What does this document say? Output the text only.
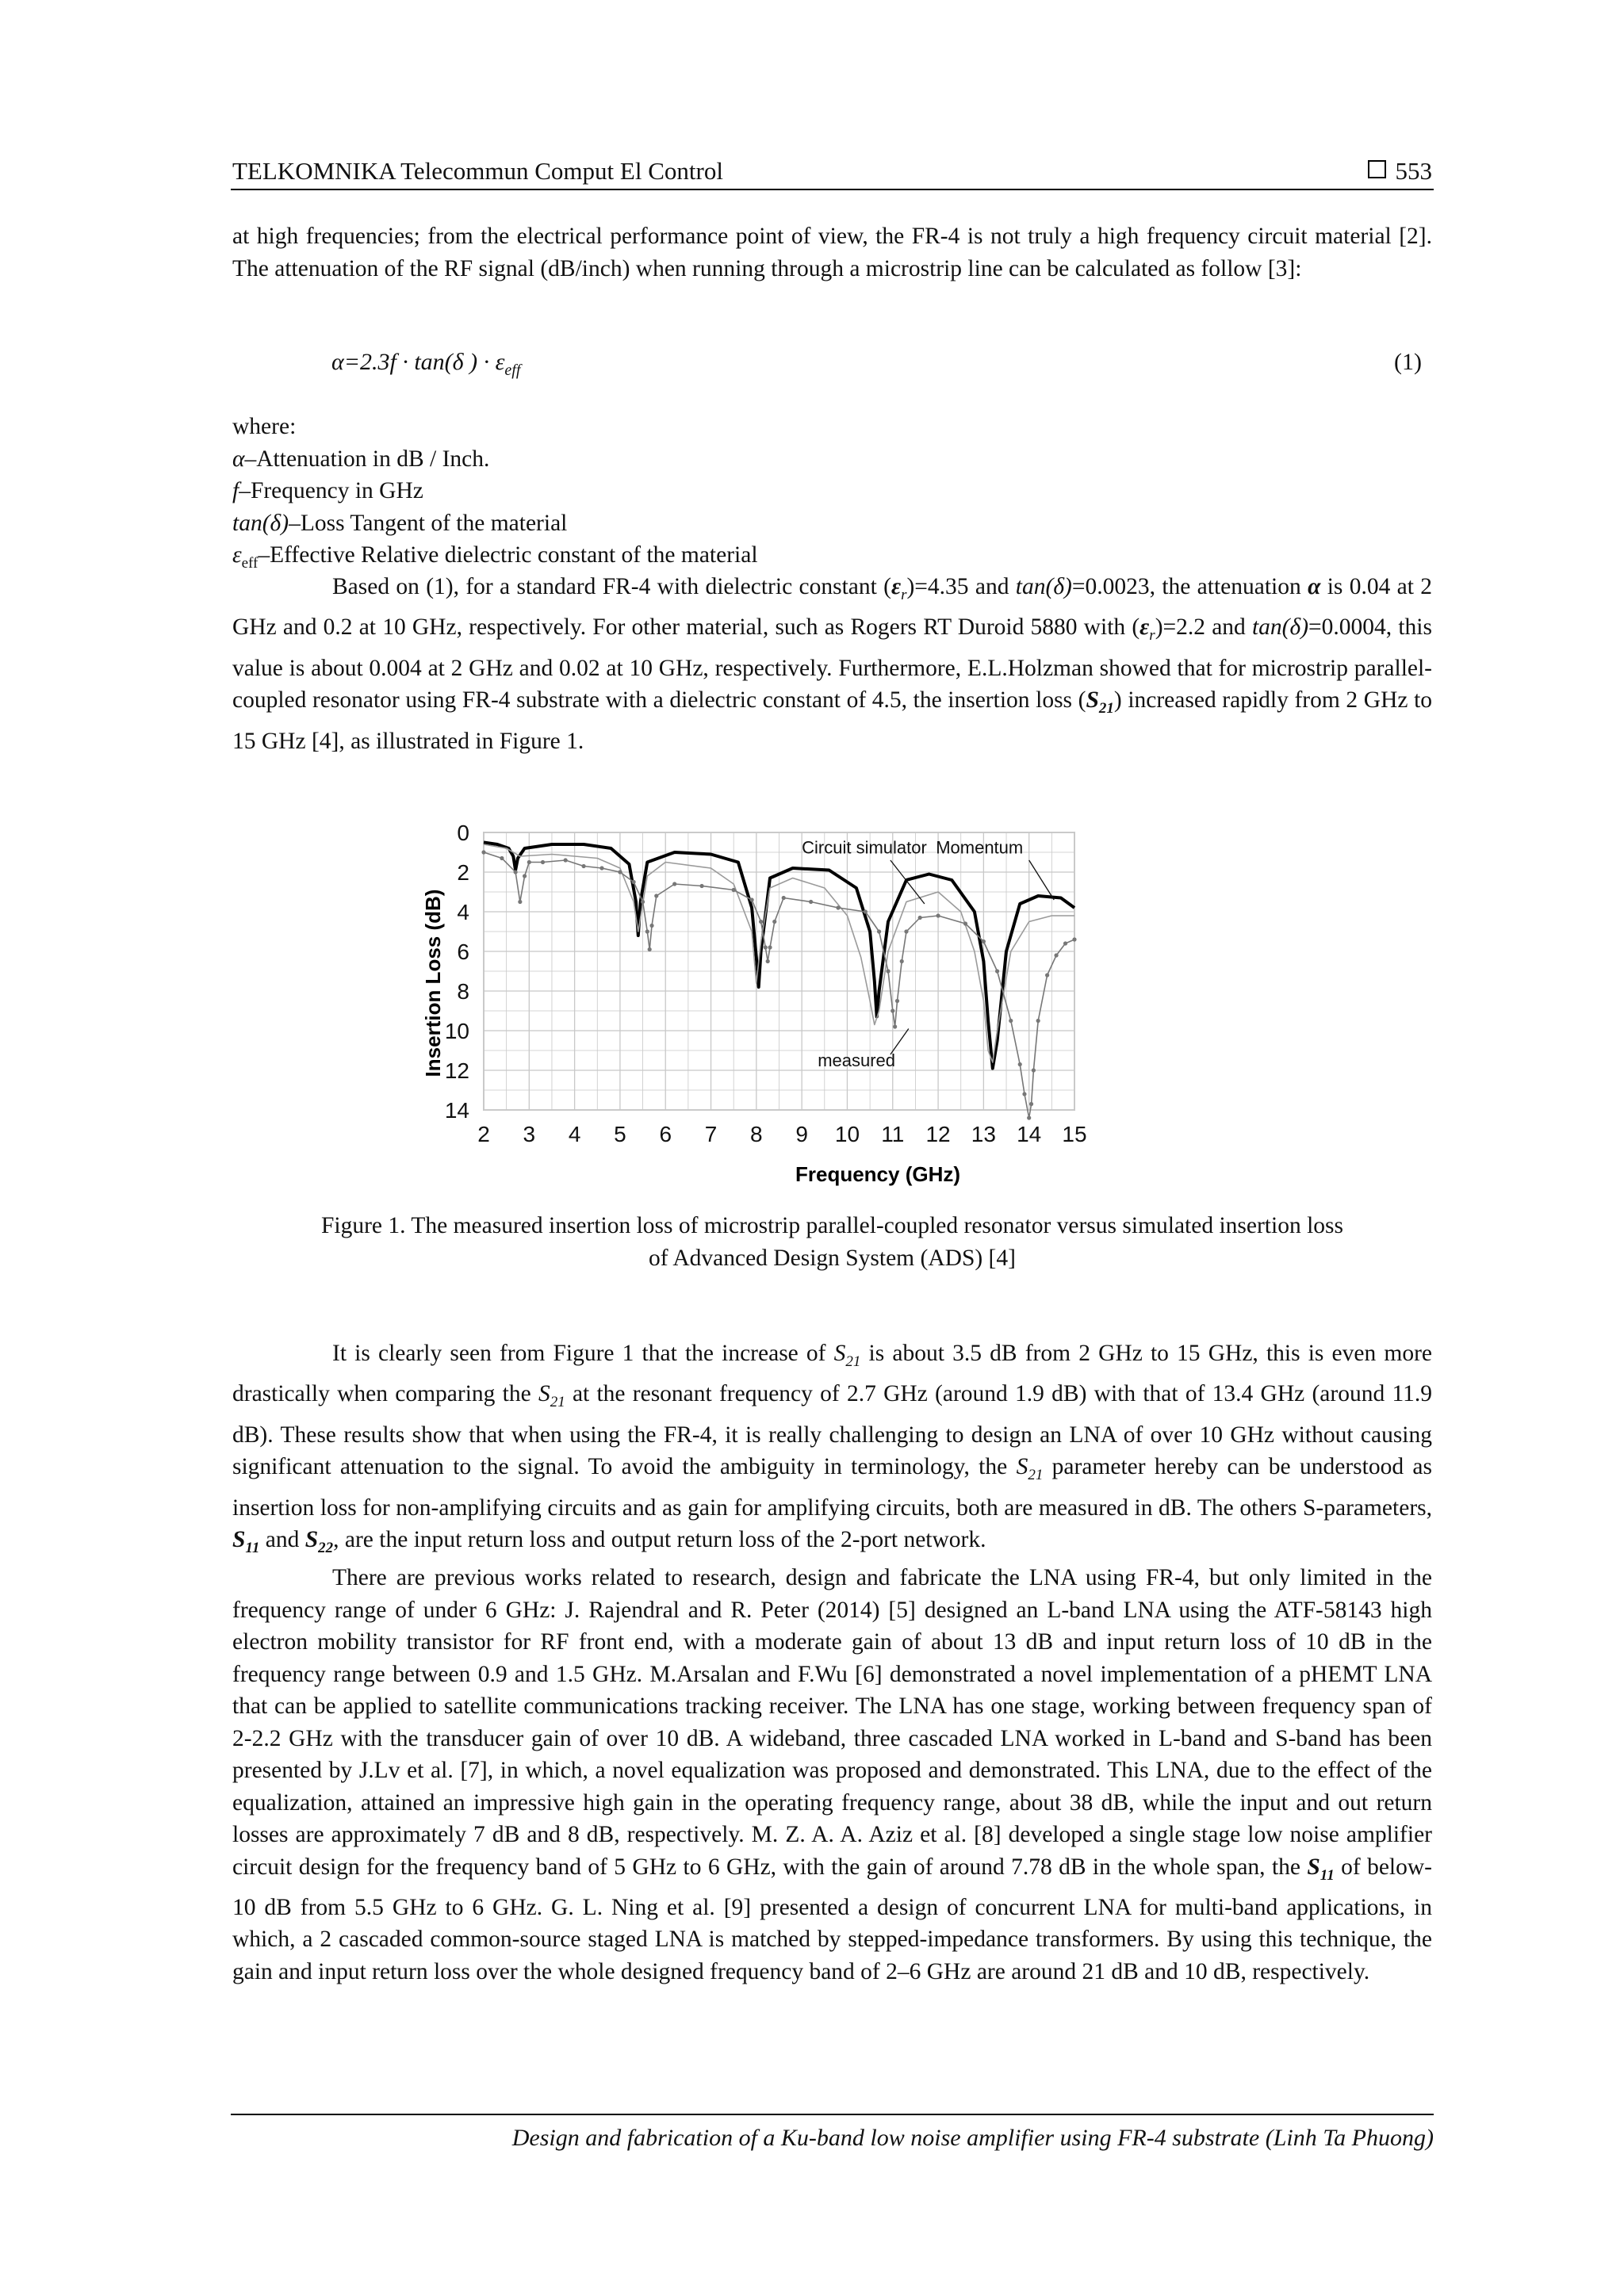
TELKOMNIKA Telecommun Comput El Control	553

at high frequencies; from the electrical performance point of view, the FR-4 is not truly a high frequency circuit material [2]. The attenuation of the RF signal (dB/inch) when running through a microstrip line can be calculated as follow [3]:

α=2.3f · tan(δ ) · $\varepsilon_{eff}$	(1)
where:
α–Attenuation in dB / Inch.
f–Frequency in GHz
tan(δ)–Loss Tangent of the material
$\varepsilon_{eff}$–Effective Relative dielectric constant of the material

Based on (1), for a standard FR-4 with dielectric constant $(\varepsilon_r)=4.35$ and tan(δ)=0.0023, the attenuation α is 0.04 at 2 GHz and 0.2 at 10 GHz, respectively. For other material, such as Rogers RT Duroid 5880 with $(\varepsilon_r)=2.2$ and tan(δ)=0.0004, this value is about 0.004 at 2 GHz and 0.02 at 10 GHz, respectively. Furthermore, E.L.Holzman showed that for microstrip parallel-coupled resonator using FR-4 substrate with a dielectric constant of 4.5, the insertion loss $(S_{21})$ increased rapidly from 2 GHz to 15 GHz [4], as illustrated in Figure 1.

2 3 4 5 6 7 8 9 10 11 12 13 14 15
0
2
4
6
8
10
12
14
Circuit simulator Momentum
measured
Insertion Loss (dB)
Frequency (GHz)
Figure 1. The measured insertion loss of microstrip parallel-coupled resonator versus simulated insertion loss
of Advanced Design System (ADS) [4]

It is clearly seen from Figure 1 that the increase of $S_{21}$ is about 3.5 dB from 2 GHz to 15 GHz, this is even more drastically when comparing the $S_{21}$ at the resonant frequency of 2.7 GHz (around 1.9 dB) with that of 13.4 GHz (around 11.9 dB). These results show that when using the FR-4, it is really challenging to design an LNA of over 10 GHz without causing significant attenuation to the signal. To avoid the ambiguity in terminology, the $S_{21}$ parameter hereby can be understood as insertion loss for non-amplifying circuits and as gain for amplifying circuits, both are measured in dB. The others S-parameters, $S_{11}$ and $S_{22}$, are the input return loss and output return loss of the 2-port network.

There are previous works related to research, design and fabricate the LNA using FR-4, but only limited in the frequency range of under 6 GHz: J. Rajendral and R. Peter (2014) [5] designed an L-band LNA using the ATF-58143 high electron mobility transistor for RF front end, with a moderate gain of about 13 dB and input return loss of 10 dB in the frequency range between 0.9 and 1.5 GHz. M.Arsalan and F.Wu [6] demonstrated a novel implementation of a pHEMT LNA that can be applied to satellite communications tracking receiver. The LNA has one stage, working between frequency span of 2-2.2 GHz with the transducer gain of over 10 dB. A wideband, three cascaded LNA worked in L-band and S-band has been presented by J.Lv et al. [7], in which, a novel equalization was proposed and demonstrated. This LNA, due to the effect of the equalization, attained an impressive high gain in the operating frequency range, about 38 dB, while the input and out return losses are approximately 7 dB and 8 dB, respectively. M. Z. A. A. Aziz et al. [8] developed a single stage low noise amplifier circuit design for the frequency band of 5 GHz to 6 GHz, with the gain of around 7.78 dB in the whole span, the $S_{11}$ of below-10 dB from 5.5 GHz to 6 GHz. G. L. Ning et al. [9] presented a design of concurrent LNA for multi-band applications, in which, a 2 cascaded common-source staged LNA is matched by stepped-impedance transformers. By using this technique, the gain and input return loss over the whole designed frequency band of 2–6 GHz are around 21 dB and 10 dB, respectively.

Design and fabrication of a Ku-band low noise amplifier using FR-4 substrate (Linh Ta Phuong)
